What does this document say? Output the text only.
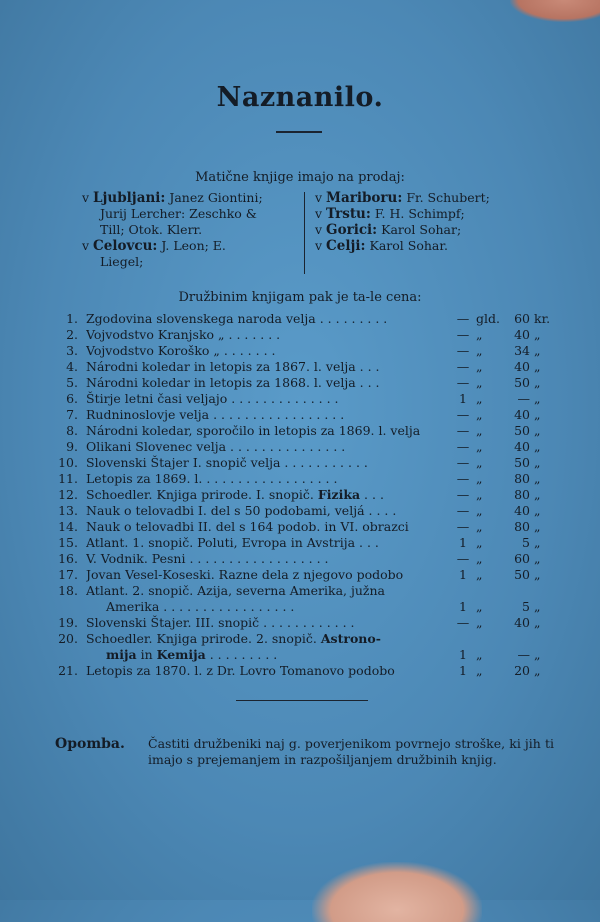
Naznanilo.
Matične knjige imajo na prodaj:
v Ljubljani: Janez Giontini;
Jurij Lercher: Zeschko &
Till; Otok. Klerr.
v Celovcu: J. Leon; E.
Liegel;
v Mariboru: Fr. Schubert;
v Trstu: F. H. Schimpf;
v Gorici: Karol Sohar;
v Celji: Karol Sohar.
Družbinim knjigam pak je ta-le cena:
1. Zgodovina slovenskega naroda velja . . . . . . . . .	— gld.	60 kr.
2. Vojvodstvo Kranjsko „ . . . . . . .	— „	40 „
3. Vojvodstvo Koroško „ . . . . . . .	— „	34 „
4. Národni koledar in letopis za 1867. l. velja . . .	— „	40 „
5. Národni koledar in letopis za 1868. l. velja . . .	— „	50 „
6. Štirje letni časi veljajo . . . . . . . . . . . . . .	1 „	— „
7. Rudninoslovje velja . . . . . . . . . . . . . . . . .	— „	40 „
8. Národni koledar, sporočilo in letopis za 1869. l. velja	— „	50 „
9. Olikani Slovenec velja . . . . . . . . . . . . . . .	— „	40 „
10. Slovenski Štajer I. snopič velja . . . . . . . . . . .	— „	50 „
11. Letopis za 1869. l. . . . . . . . . . . . . . . . . .	— „	80 „
12. Schoedler. Knjiga prirode. I. snopič. Fizika . . .	— „	80 „
13. Nauk o telovadbi I. del s 50 podobami, veljá . . . .	— „	40 „
14. Nauk o telovadbi II. del s 164 podob. in VI. obrazci	— „	80 „
15. Atlant. 1. snopič. Poluti, Evropa in Avstrija . . .	1 „	5 „
16. V. Vodnik. Pesni . . . . . . . . . . . . . . . . . .	— „	60 „
17. Jovan Vesel-Koseski. Razne dela z njegovo podobo	1 „	50 „
18. Atlant. 2. snopič. Azija, severna Amerika, južna
Amerika . . . . . . . . . . . . . . . . .	1 „	5 „
19. Slovenski Štajer. III. snopič . . . . . . . . . . . .	— „	40 „
20. Schoedler. Knjiga prirode. 2. snopič. Astrono-
mija in Kemija . . . . . . . . .	1 „	— „
21. Letopis za 1870. l. z Dr. Lovro Tomanovo podobo	1 „	20 „
Opomba. Častiti družbeniki naj g. poverjenikom povrnejo stroške, ki jih ti imajo s prejemanjem in razpošiljanjem družbinih knjig.
